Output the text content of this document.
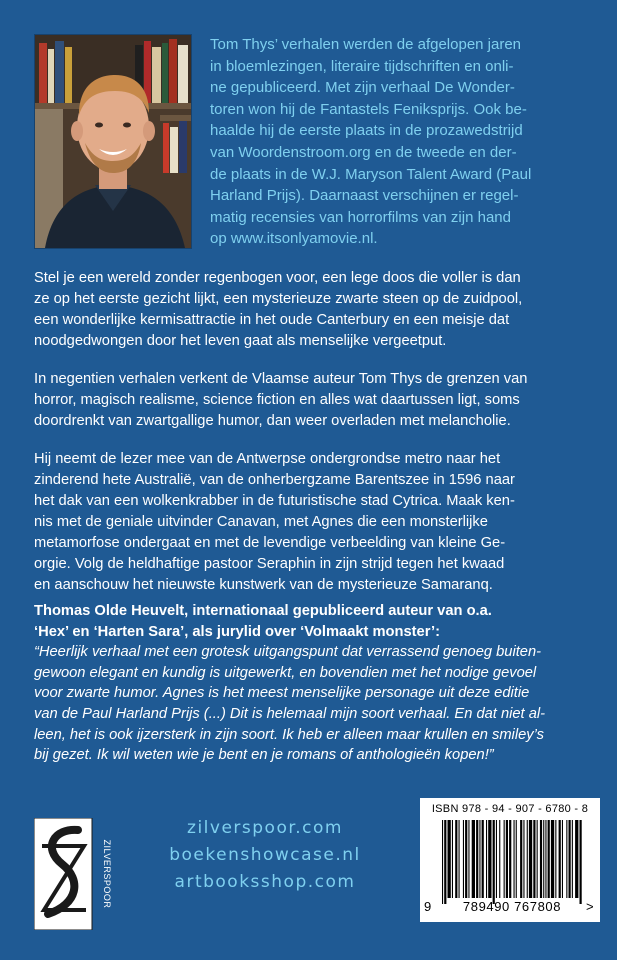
Tom Thys’ verhalen werden de afgelopen jaren

in bloemlezingen, literaire tijdschriften en onli-

ne gepubliceerd. Met zijn verhaal De Wonder-

toren won hij de Fantastels Feniksprijs. Ook be-

haalde hij de eerste plaats in de prozawedstrijd

van Woordenstroom.org en de tweede en der-

de plaats in de W.J. Maryson Talent Award (Paul

Harland Prijs). Daarnaast verschijnen er regel-

matig recensies van horrorfilms van zijn hand

op www.itsonlyamovie.nl.

Stel je een wereld zonder regenbogen voor, een lege doos die voller is dan

ze op het eerste gezicht lijkt, een mysterieuze zwarte steen op de zuidpool,

een wonderlijke kermisattractie in het oude Canterbury en een meisje dat

noodgedwongen door het leven gaat als menselijke vergeetput.

In negentien verhalen verkent de Vlaamse auteur Tom Thys de grenzen van

horror, magisch realisme, science fiction en alles wat daartussen ligt, soms

doordrenkt van zwartgallige humor, dan weer overladen met melancholie.

Hij neemt de lezer mee van de Antwerpse ondergrondse metro naar het

zinderend hete Australië, van de onherbergzame Barentszee in 1596 naar

het dak van een wolkenkrabber in de futuristische stad Cytrica. Maak ken-

nis met de geniale uitvinder Canavan, met Agnes die een monsterlijke

metamorfose ondergaat en met de levendige verbeelding van kleine Ge-

orgie. Volg de heldhaftige pastoor Seraphin in zijn strijd tegen het kwaad

en aanschouw het nieuwste kunstwerk van de mysterieuze Samaranq.

Thomas Olde Heuvelt, internationaal gepubliceerd auteur van o.a.

‘Hex’ en ‘Harten Sara’, als jurylid over ‘Volmaakt monster’:

“Heerlijk verhaal met een grotesk uitgangspunt dat verrassend genoeg buiten-

gewoon elegant en kundig is uitgewerkt, en bovendien met het nodige gevoel

voor zwarte humor. Agnes is het meest menselijke personage uit deze editie

van de Paul Harland Prijs (...) Dit is helemaal mijn soort verhaal. En dat niet al-

leen, het is ook ijzersterk in zijn soort. Ik heb er alleen maar krullen en smiley’s

bij gezet. Ik wil weten wie je bent en je romans of anthologieën kopen!”

ZILVERSPOOR
zilverspoor.com
boekenshowcase.nl
artbooksshop.com
ISBN 978 - 94 - 907 - 6780 - 8
9	789490 767808	>
